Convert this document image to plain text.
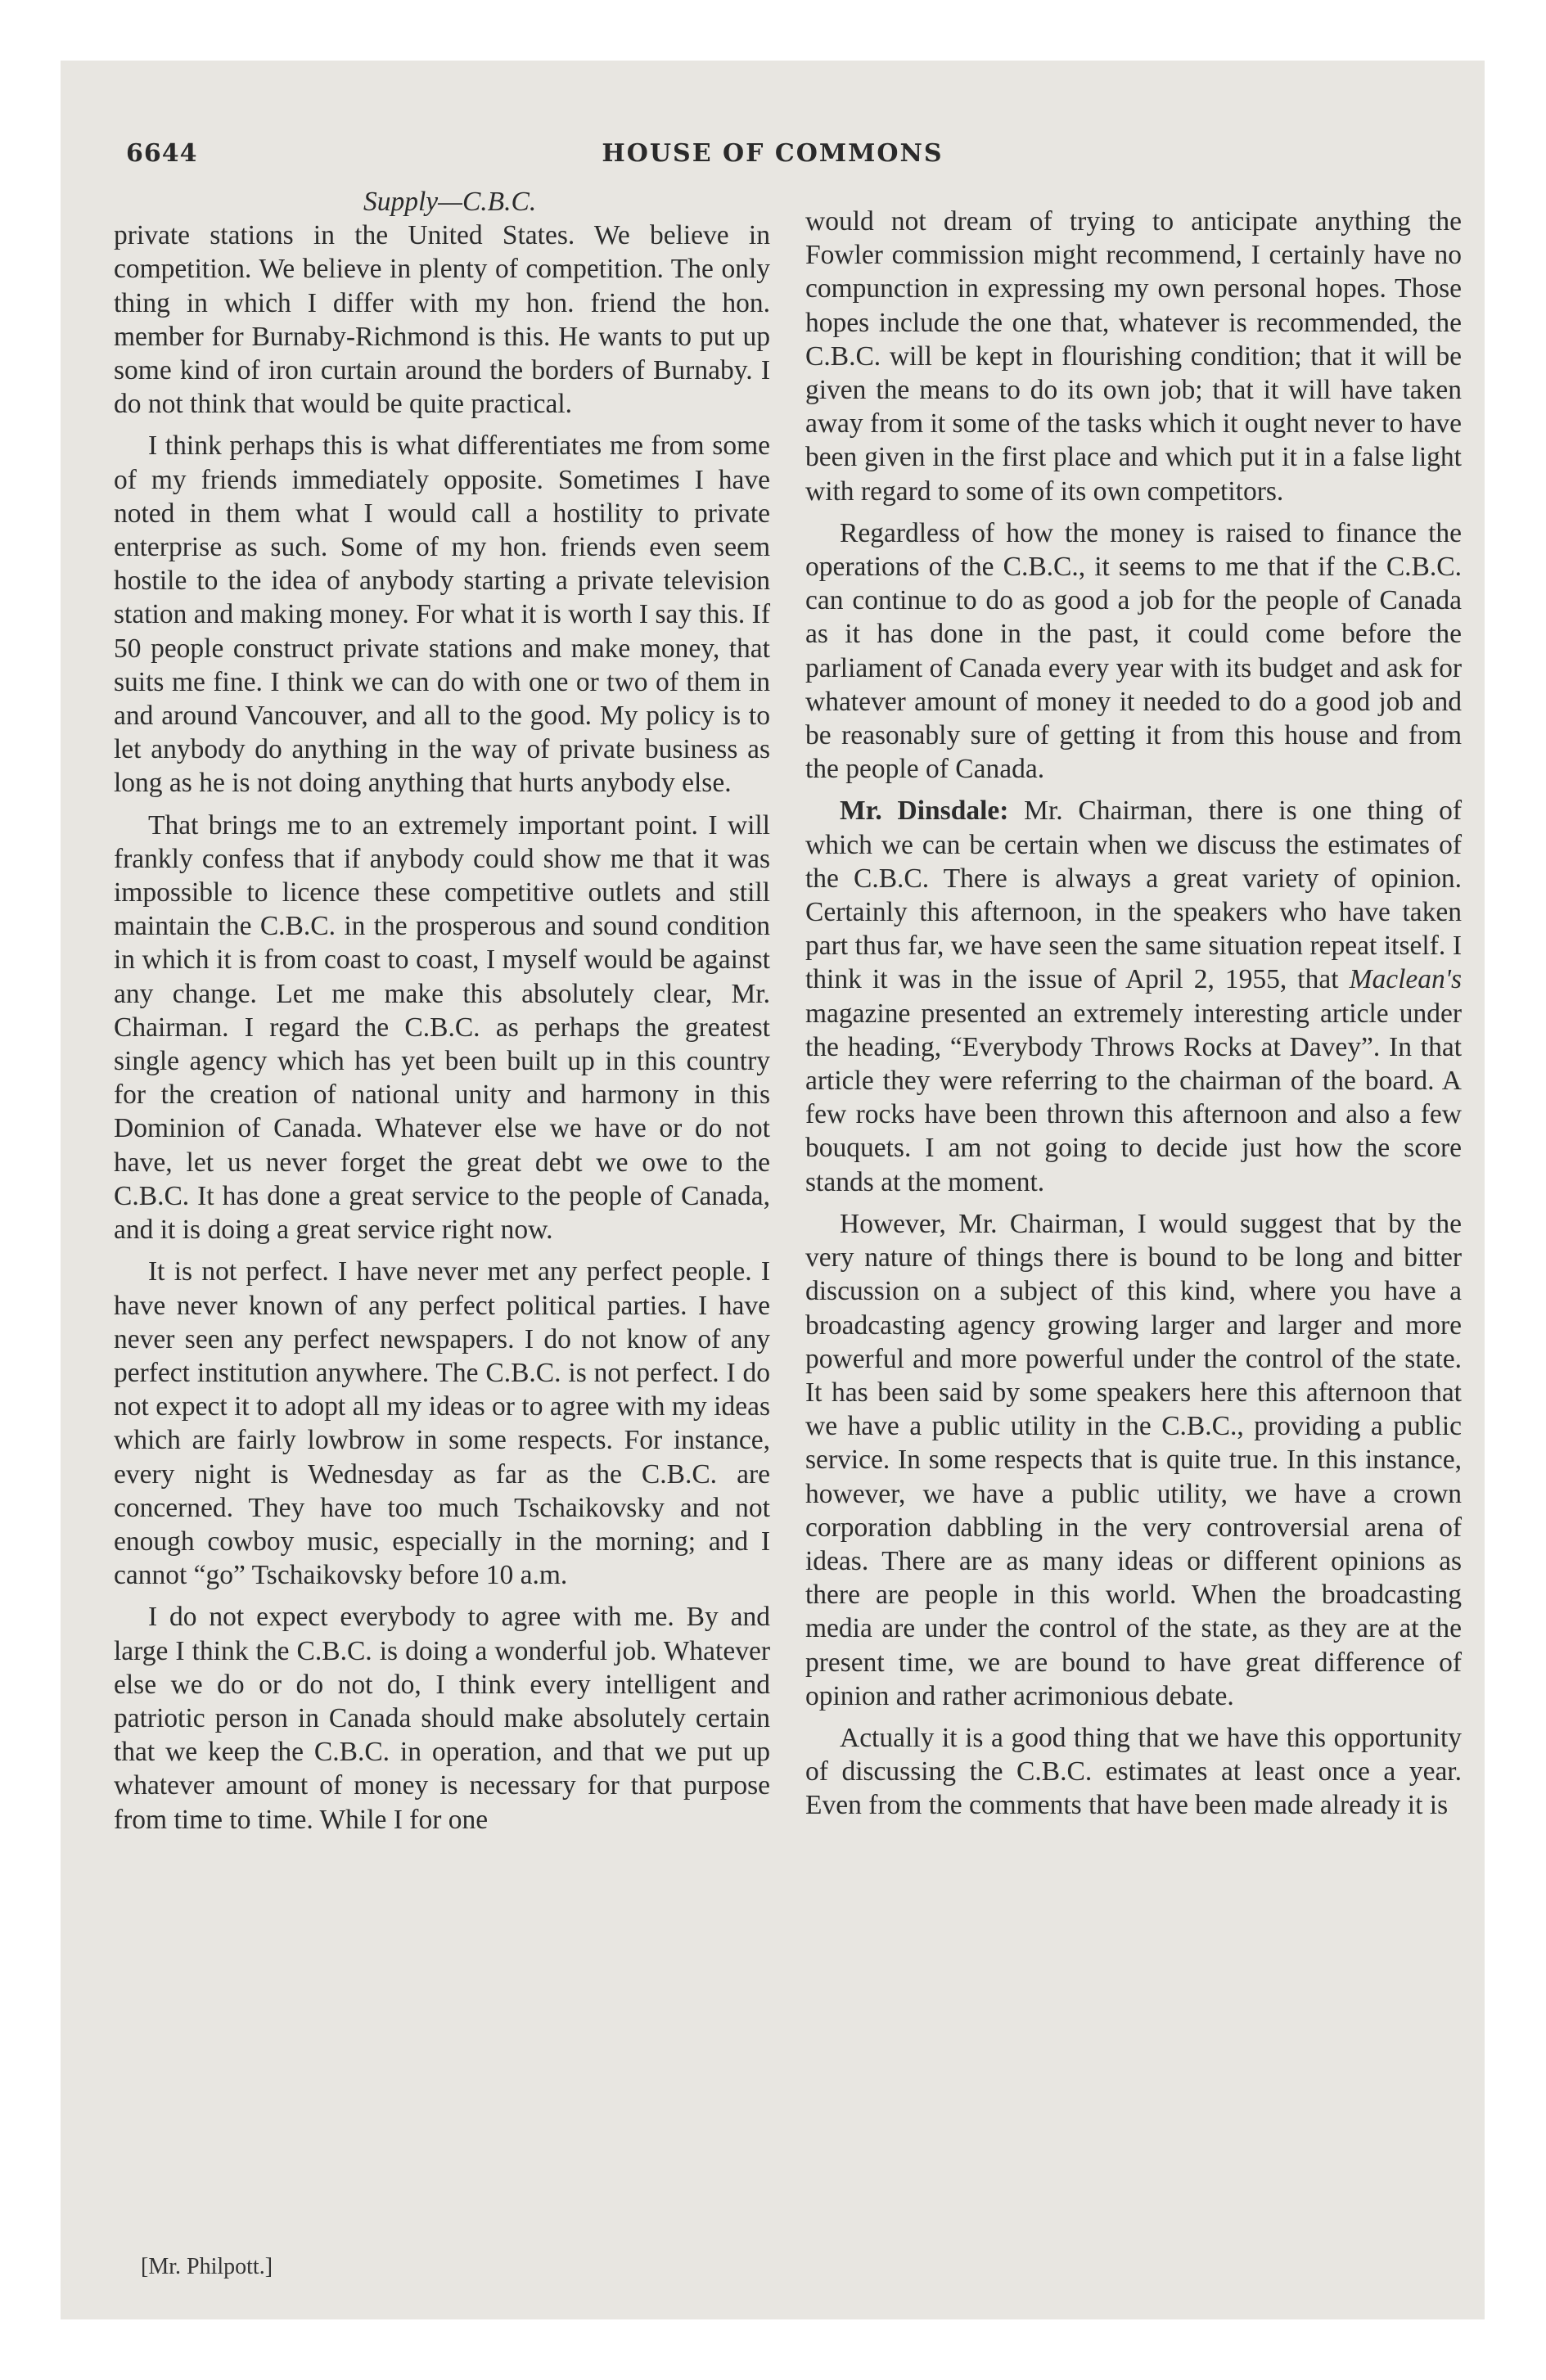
6644	HOUSE OF COMMONS
Supply—C.B.C.

private stations in the United States. We believe in competition. We believe in plenty of competition. The only thing in which I differ with my hon. friend the hon. member for Burnaby-Richmond is this. He wants to put up some kind of iron curtain around the borders of Burnaby. I do not think that would be quite practical.

I think perhaps this is what differentiates me from some of my friends immediately opposite. Sometimes I have noted in them what I would call a hostility to private enterprise as such. Some of my hon. friends even seem hostile to the idea of anybody starting a private television station and making money. For what it is worth I say this. If 50 people construct private stations and make money, that suits me fine. I think we can do with one or two of them in and around Vancouver, and all to the good. My policy is to let anybody do anything in the way of private business as long as he is not doing anything that hurts anybody else.

That brings me to an extremely important point. I will frankly confess that if anybody could show me that it was impossible to licence these competitive outlets and still maintain the C.B.C. in the prosperous and sound condition in which it is from coast to coast, I myself would be against any change. Let me make this absolutely clear, Mr. Chairman. I regard the C.B.C. as perhaps the greatest single agency which has yet been built up in this country for the creation of national unity and harmony in this Dominion of Canada. Whatever else we have or do not have, let us never forget the great debt we owe to the C.B.C. It has done a great service to the people of Canada, and it is doing a great service right now.

It is not perfect. I have never met any perfect people. I have never known of any perfect political parties. I have never seen any perfect newspapers. I do not know of any perfect institution anywhere. The C.B.C. is not perfect. I do not expect it to adopt all my ideas or to agree with my ideas which are fairly lowbrow in some respects. For instance, every night is Wednesday as far as the C.B.C. are concerned. They have too much Tschaikovsky and not enough cowboy music, especially in the morning; and I cannot “go” Tschaikovsky before 10 a.m.

I do not expect everybody to agree with me. By and large I think the C.B.C. is doing a wonderful job. Whatever else we do or do not do, I think every intelligent and patriotic person in Canada should make absolutely certain that we keep the C.B.C. in operation, and that we put up whatever amount of money is necessary for that purpose from time to time. While I for one

would not dream of trying to anticipate anything the Fowler commission might recommend, I certainly have no compunction in expressing my own personal hopes. Those hopes include the one that, whatever is recommended, the C.B.C. will be kept in flourishing condition; that it will be given the means to do its own job; that it will have taken away from it some of the tasks which it ought never to have been given in the first place and which put it in a false light with regard to some of its own competitors.

Regardless of how the money is raised to finance the operations of the C.B.C., it seems to me that if the C.B.C. can continue to do as good a job for the people of Canada as it has done in the past, it could come before the parliament of Canada every year with its budget and ask for whatever amount of money it needed to do a good job and be reasonably sure of getting it from this house and from the people of Canada.

Mr. Dinsdale: Mr. Chairman, there is one thing of which we can be certain when we discuss the estimates of the C.B.C. There is always a great variety of opinion. Certainly this afternoon, in the speakers who have taken part thus far, we have seen the same situation repeat itself. I think it was in the issue of April 2, 1955, that Maclean's magazine presented an extremely interesting article under the heading, “Everybody Throws Rocks at Davey”. In that article they were referring to the chairman of the board. A few rocks have been thrown this afternoon and also a few bouquets. I am not going to decide just how the score stands at the moment.

However, Mr. Chairman, I would suggest that by the very nature of things there is bound to be long and bitter discussion on a subject of this kind, where you have a broadcasting agency growing larger and larger and more powerful and more powerful under the control of the state. It has been said by some speakers here this afternoon that we have a public utility in the C.B.C., providing a public service. In some respects that is quite true. In this instance, however, we have a public utility, we have a crown corporation dabbling in the very controversial arena of ideas. There are as many ideas or different opinions as there are people in this world. When the broadcasting media are under the control of the state, as they are at the present time, we are bound to have great difference of opinion and rather acrimonious debate.

Actually it is a good thing that we have this opportunity of discussing the C.B.C. estimates at least once a year. Even from the comments that have been made already it is

[Mr. Philpott.]
